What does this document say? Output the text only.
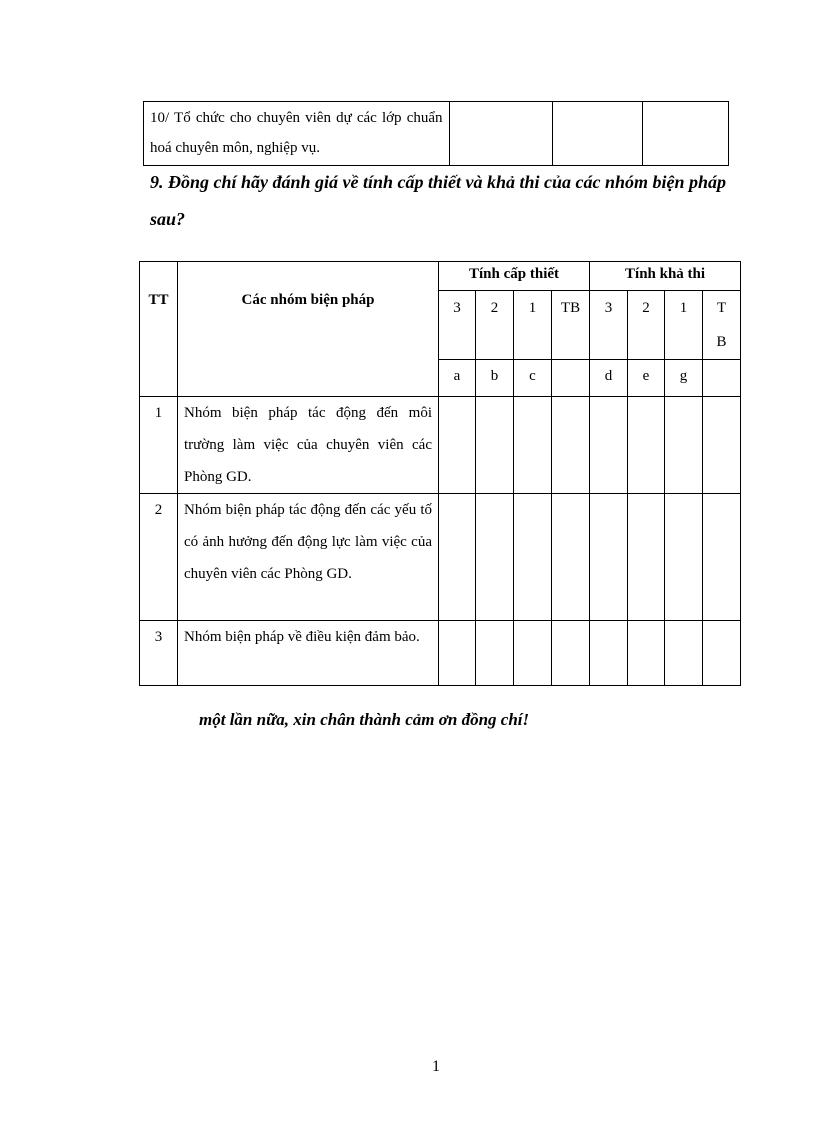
10/ Tổ chức cho chuyên viên dự các lớp chuẩn hoá chuyên môn, nghiệp vụ.

9. Đồng chí hãy đánh giá về tính cấp thiết và khả thi của các nhóm biện pháp sau?

TT	Các nhóm biện pháp	Tính cấp thiết				Tính khả thi			
		3	2	1	TB	3	2	1	T B
		a	b	c		d	e	g	
1	Nhóm biện pháp tác động đến môi trường làm việc của chuyên viên các Phòng GD.								
2	Nhóm biện pháp tác động đến các yếu tố có ảnh hưởng đến động lực làm việc của chuyên viên các Phòng GD.								
3	Nhóm biện pháp về điều kiện đảm bảo.								

một lần nữa, xin chân thành cảm ơn đồng chí!

1
